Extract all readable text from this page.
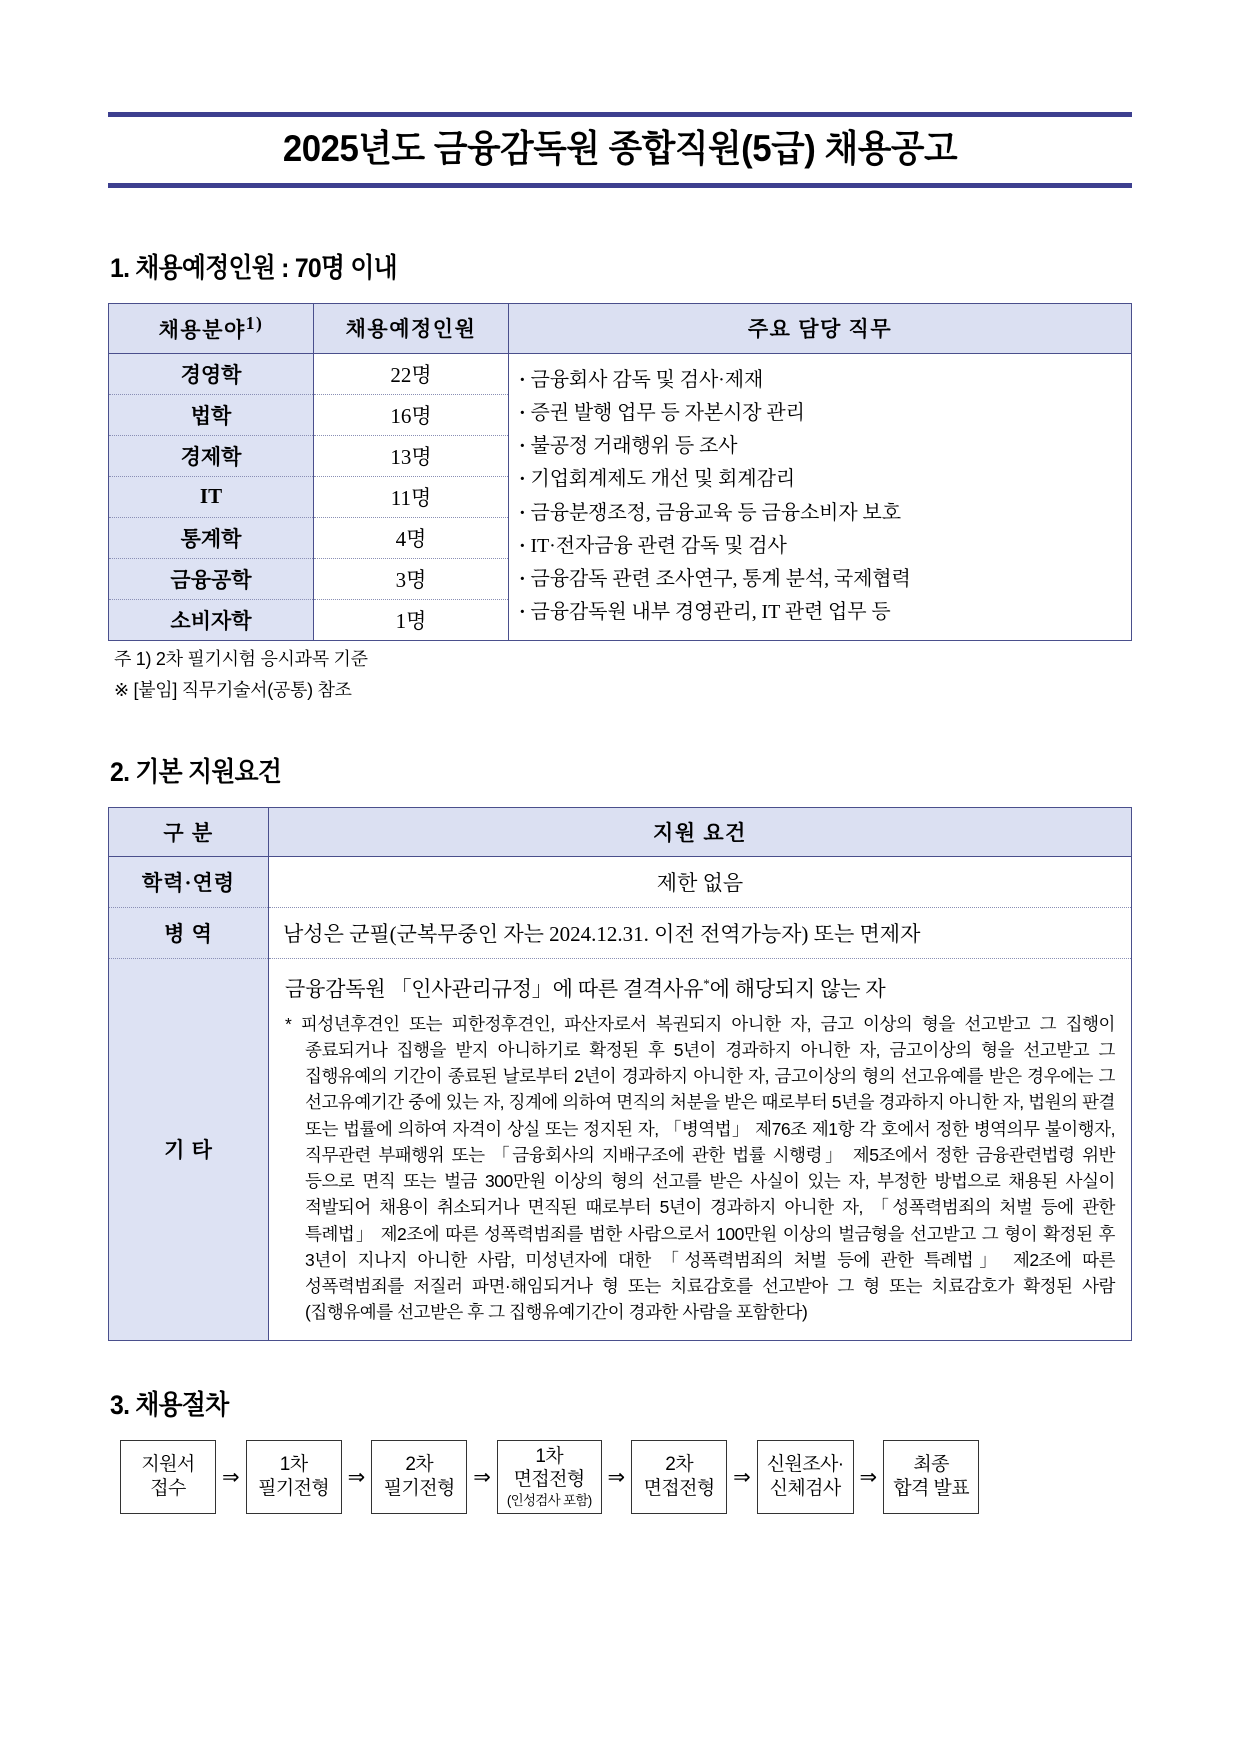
2025년도 금융감독원 종합직원(5급) 채용공고
1. 채용예정인원 : 70명 이내
채용분야$^{1)}$	채용예정인원	주요 담당 직무
경영학	22명	
·금융회사 감독 및 검사·제재
· 증권 발행 업무 등 자본시장 관리
· 불공정 거래행위 등 조사
· 기업회계제도 개선 및 회계감리
· 금융분쟁조정, 금융교육 등 금융소비자 보호
· IT·전자금융 관련 감독 및 검사
· 금융감독 관련 조사연구, 통계 분석, 국제협력
· 금융감독원 내부 경영관리, IT 관련 업무 등

법학	16명	
경제학	13명	
IT	11명	
통계학	4명	
금융공학	3명	
소비자학	1명	
주 1) 2차 필기시험 응시과목 기준
※ [붙임] 직무기술서(공통) 참조
2. 기본 지원요건
구 분	지원 요건
학력·연령	제한 없음
병 역	남성은 군필(군복무중인 자는 2024.12.31. 이전 전역가능자) 또는 면제자
기 타	금융감독원 「인사관리규정」에 따른 결격사유*에 해당되지 않는 자

* 피성년후견인 또는 피한정후견인, 파산자로서 복권되지 아니한 자, 금고 이상의 형을 선고받고 그 집행이 종료되거나 집행을 받지 아니하기로 확정된 후 5년이 경과하지 아니한 자, 금고이상의 형을 선고받고 그 집행유예의 기간이 종료된 날로부터 2년이 경과하지 아니한 자, 금고이상의 형의 선고유예를 받은 경우에는 그 선고유예기간 중에 있는 자, 징계에 의하여 면직의 처분을 받은 때로부터 5년을 경과하지 아니한 자, 법원의 판결 또는 법률에 의하여 자격이 상실 또는 정지된 자, 「병역법」 제76조 제1항 각 호에서 정한 병역의무 불이행자, 직무관련 부패행위 또는 「금융회사의 지배구조에 관한 법률 시행령」 제5조에서 정한 금융관련법령 위반 등으로 면직 또는 벌금 300만원 이상의 형의 선고를 받은 사실이 있는 자, 부정한 방법으로 채용된 사실이 적발되어 채용이 취소되거나 면직된 때로부터 5년이 경과하지 아니한 자, 「성폭력범죄의 처벌 등에 관한 특례법」 제2조에 따른 성폭력범죄를 범한 사람으로서 100만원 이상의 벌금형을 선고받고 그 형이 확정된 후 3년이 지나지 아니한 사람, 미성년자에 대한 「성폭력범죄의 처벌 등에 관한 특례법」 제2조에 따른 성폭력범죄를 저질러 파면·해임되거나 형 또는 치료감호를 선고받아 그 형 또는 치료감호가 확정된 사람(집행유예를 선고받은 후 그 집행유예기간이 경과한 사람을 포함한다)

3. 채용절차
지원서
접수 ⇒
1차
필기전형 ⇒
2차
필기전형 ⇒
1차
면접전형
(인성검사 포함)
⇒
2차
면접전형 ⇒
신원조사·
신체검사 ⇒
최종
합격 발표
